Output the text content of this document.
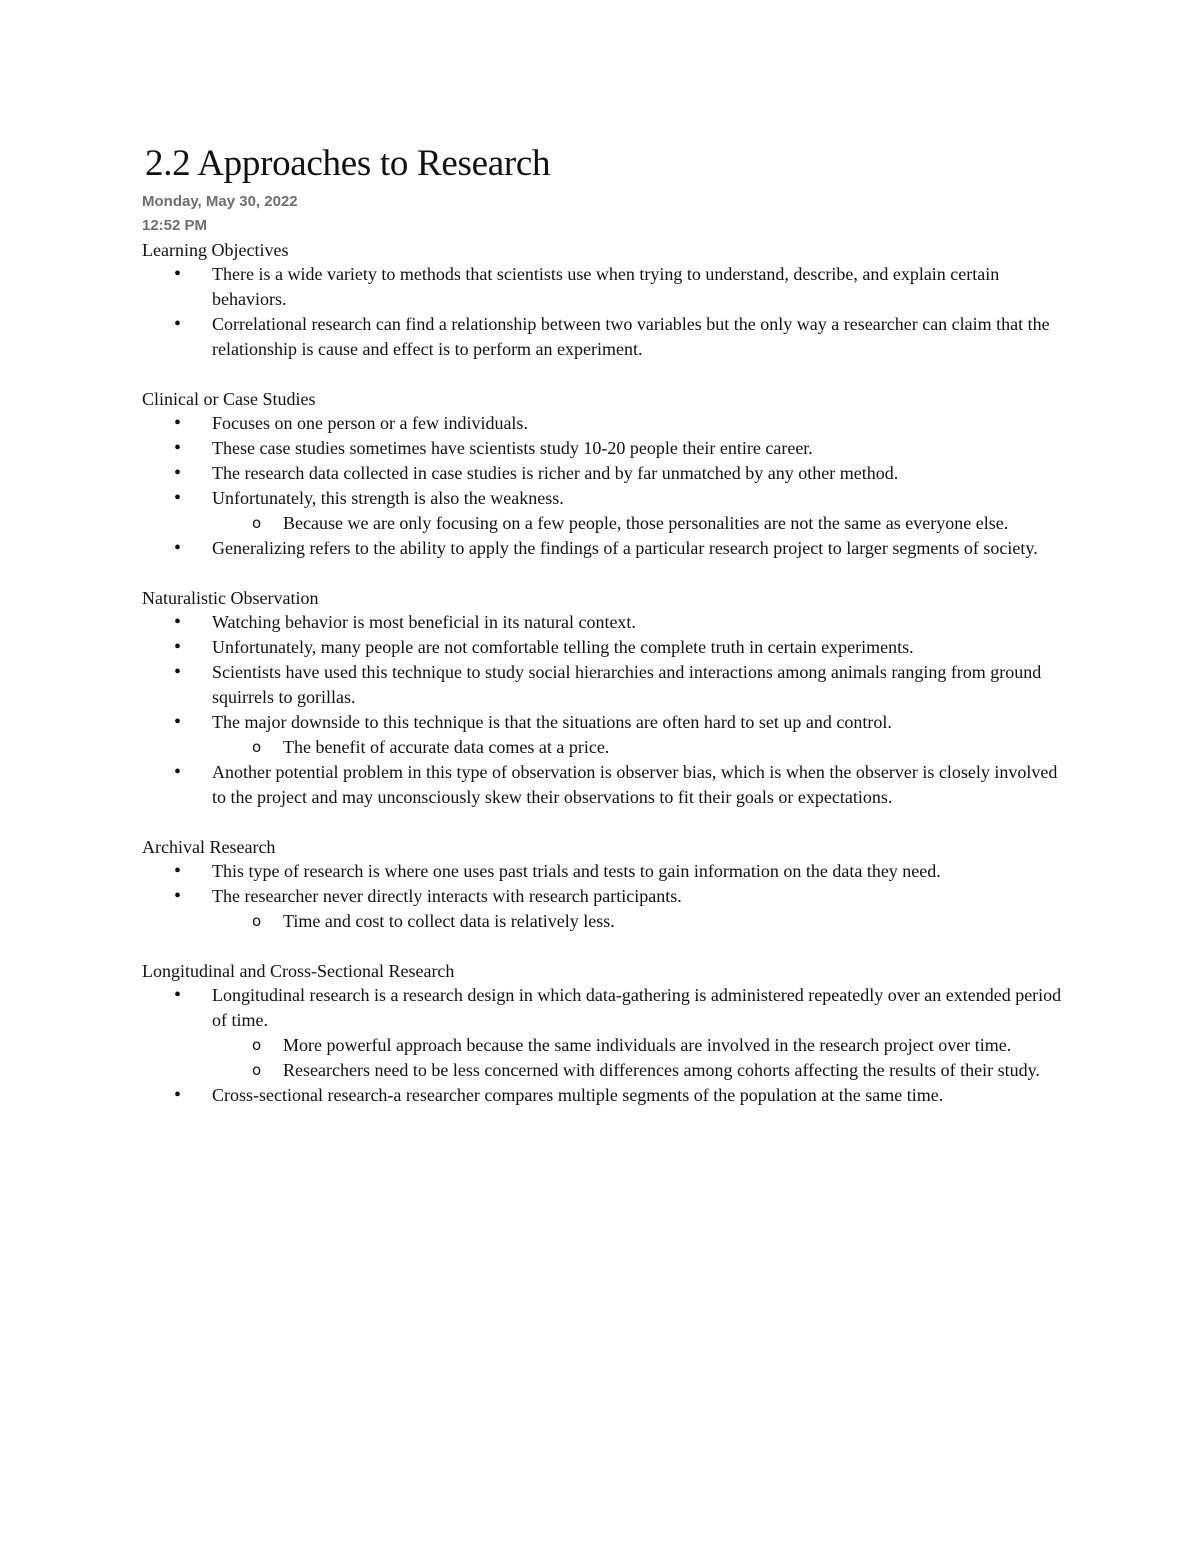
2.2 Approaches to Research
Monday, May 30, 2022
12:52 PM
Learning Objectives
• There is a wide variety to methods that scientists use when trying to understand, describe, and explain certain behaviors.
• Correlational research can find a relationship between two variables but the only way a researcher can claim that the relationship is cause and effect is to perform an experiment.
Clinical or Case Studies
• Focuses on one person or a few individuals.
• These case studies sometimes have scientists study 10-20 people their entire career.
• The research data collected in case studies is richer and by far unmatched by any other method.
• Unfortunately, this strength is also the weakness.
o Because we are only focusing on a few people, those personalities are not the same as everyone else.
• Generalizing refers to the ability to apply the findings of a particular research project to larger segments of society.
Naturalistic Observation
• Watching behavior is most beneficial in its natural context.
• Unfortunately, many people are not comfortable telling the complete truth in certain experiments.
• Scientists have used this technique to study social hierarchies and interactions among animals ranging from ground squirrels to gorillas.
• The major downside to this technique is that the situations are often hard to set up and control.
o The benefit of accurate data comes at a price.
• Another potential problem in this type of observation is observer bias, which is when the observer is closely involved to the project and may unconsciously skew their observations to fit their goals or expectations.
Archival Research
• This type of research is where one uses past trials and tests to gain information on the data they need.
• The researcher never directly interacts with research participants.
o Time and cost to collect data is relatively less.
Longitudinal and Cross-Sectional Research
• Longitudinal research is a research design in which data-gathering is administered repeatedly over an extended period of time.
o More powerful approach because the same individuals are involved in the research project over time.
o Researchers need to be less concerned with differences among cohorts affecting the results of their study.
• Cross-sectional research-a researcher compares multiple segments of the population at the same time.
